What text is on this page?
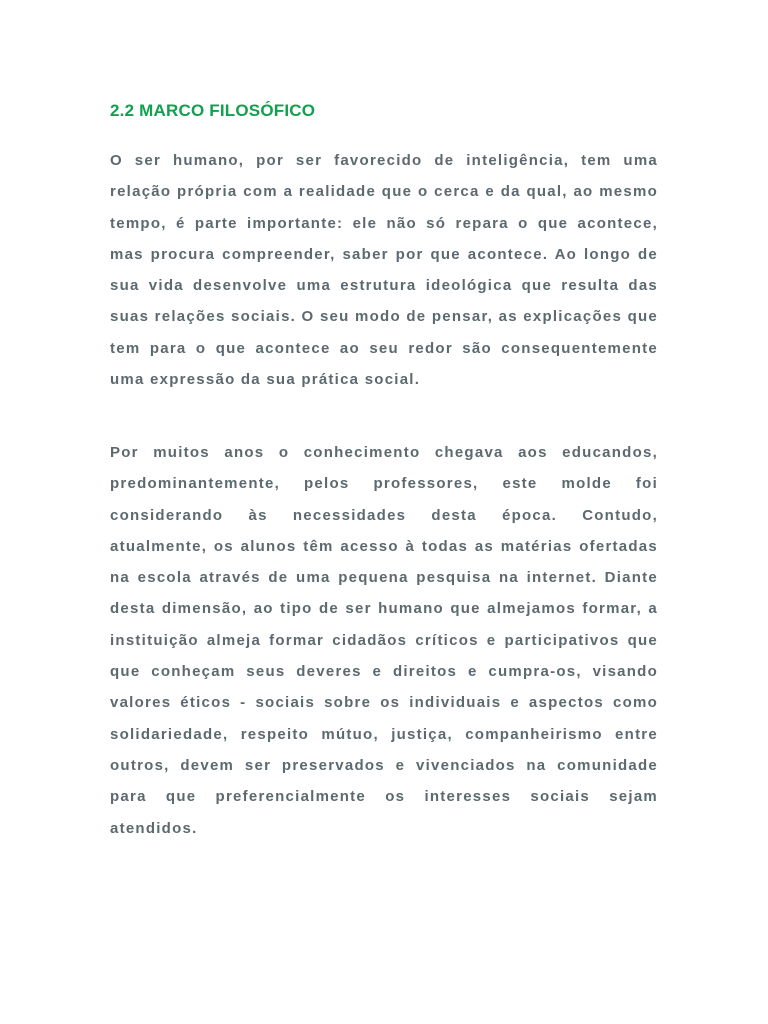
2.2 MARCO FILOSÓFICO

O ser humano, por ser favorecido de inteligência, tem uma relação própria com a realidade que o cerca e da qual, ao mesmo tempo, é parte importante: ele não só repara o que acontece, mas procura compreender, saber por que acontece. Ao longo de sua vida desenvolve uma estrutura ideológica que resulta das suas relações sociais. O seu modo de pensar, as explicações que tem para o que acontece ao seu redor são consequentemente uma expressão da sua prática social.

Por muitos anos o conhecimento chegava aos educandos, predominantemente, pelos professores, este molde foi considerando às necessidades desta época. Contudo, atualmente, os alunos têm acesso à todas as matérias ofertadas na escola através de uma pequena pesquisa na internet. Diante desta dimensão, ao tipo de ser humano que almejamos formar, a instituição almeja formar cidadãos críticos e participativos que que conheçam seus deveres e direitos e cumpra-os, visando valores éticos - sociais sobre os individuais e aspectos como solidariedade, respeito mútuo, justiça, companheirismo entre outros, devem ser preservados e vivenciados na comunidade para que preferencialmente os interesses sociais sejam atendidos.
